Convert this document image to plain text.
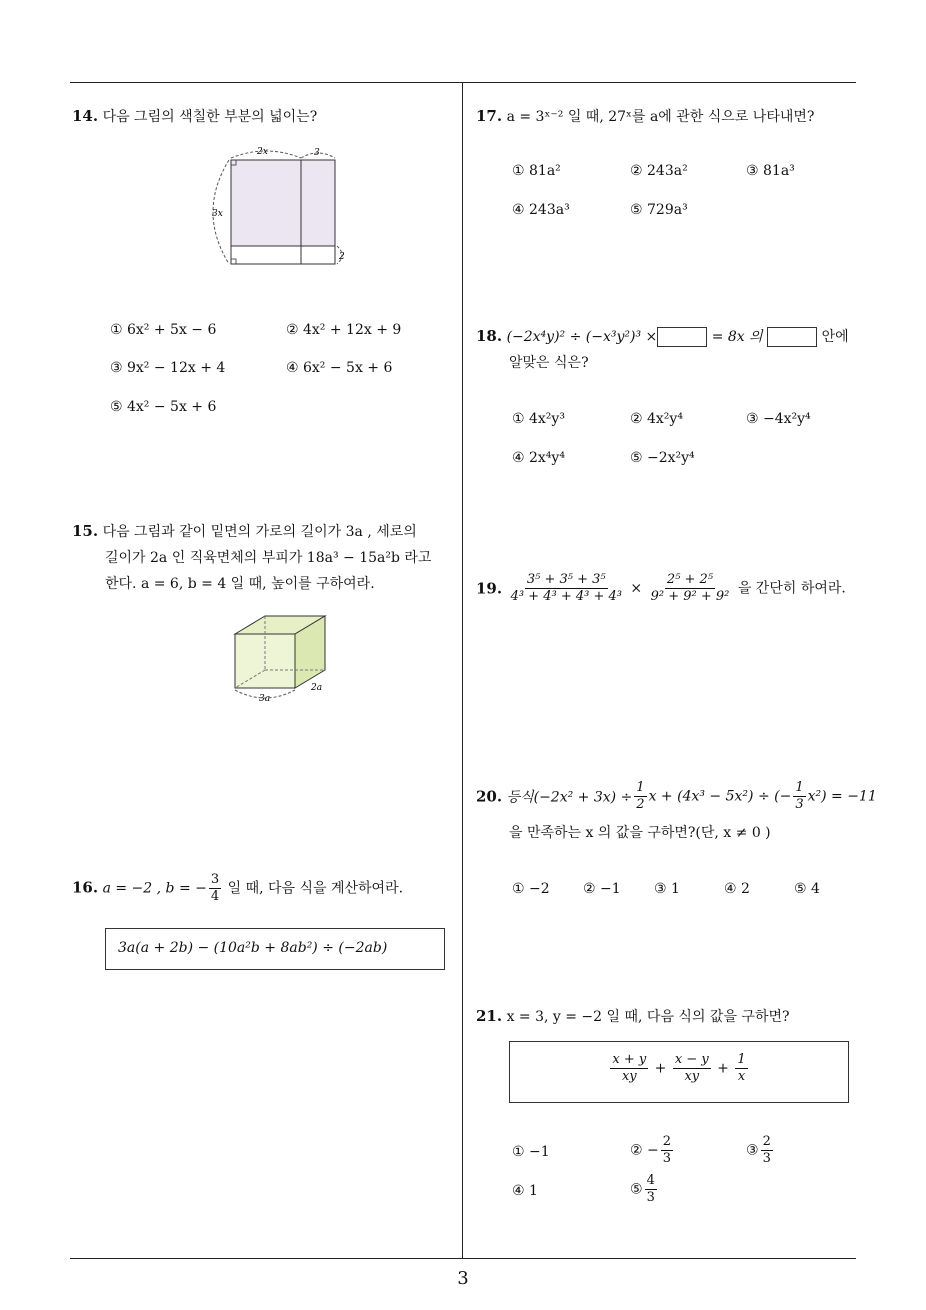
3
14. 다음 그림의 색칠한 부분의 넓이는?
2x	3
3x
2
① 6x² + 5x − 6	② 4x² + 12x + 9
③ 9x² − 12x + 4	④ 6x² − 5x + 6
⑤ 4x² − 5x + 6
15. 다음 그림과 같이 밑면의 가로의 길이가 3a , 세로의
길이가 2a 인 직육면체의 부피가 18a³ − 15a²b 라고
한다. a = 6, b = 4 일 때, 높이를 구하여라.
3a
2a
16. a = −2 , b = − $\frac{3}{4}$ 일 때, 다음 식을 계산하여라.
3a(a + 2b) − (10a²b + 8ab²) ÷ (−2ab)
17. a = 3ˣ⁻² 일 때, 27ˣ를 a에 관한 식으로 나타내면?
① 81a²	② 243a²	③ 81a³
④ 243a³	⑤ 729a³
18. (−2x⁴y)² ÷ (−x³y²)³ ×	= 8x 의	안에
알맞은 식은?
① 4x²y³	② 4x²y⁴	③ −4x²y⁴
④ 2x⁴y⁴	⑤ −2x²y⁴
19. $\frac{\text{3⁵ + 3⁵ + 3⁵}}{\text{4³ + 4³ + 4³ + 4³}} \times \frac{\text{2⁵ + 2⁵}}{\text{9² + 9² + 9²}}$ 을 간단히 하여라.
20. 등식$(-2x^2 + 3x) \div \frac{1}{2}$ x + (4x³ − 5x²) ÷ (− $\frac{1}{3} x^2) = -11$
을 만족하는 x 의 값을 구하면?(단, x ≠ 0 )
① −2 ② −1 ③ 1	④ 2	⑤ 4
21. x = 3, y = −2 일 때, 다음 식의 값을 구하면?
$\frac{x + y}{xy} + \frac{x - y}{xy} + \frac{1}{x}$
① −1	② − $\frac{2}{3}$	③ $\frac{2}{3}$
④ 1	⑤ $\frac{4}{3}$
